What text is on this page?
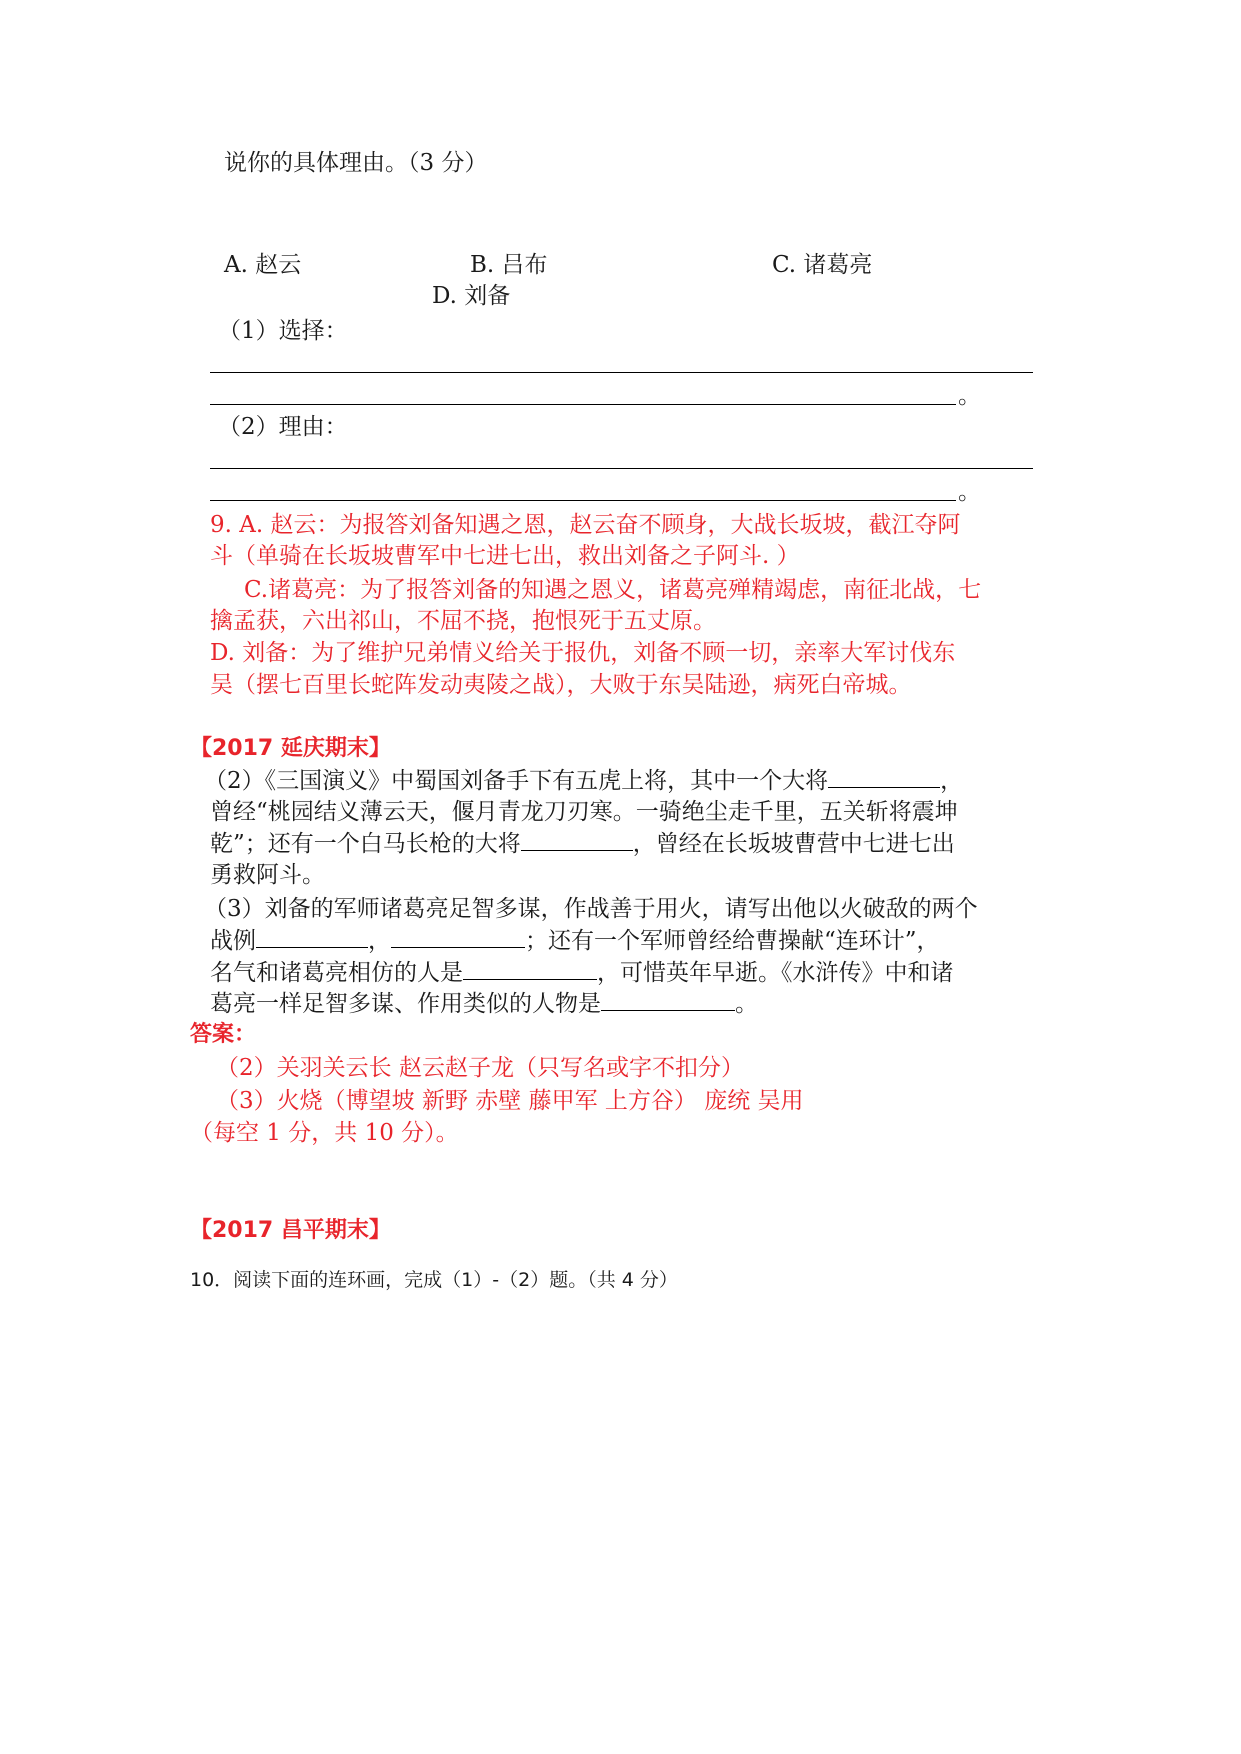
说你的具体理由。（3 分）
A. 赵云	B. 吕布	C. 诸葛亮
D. 刘备
（1）选择：
。
（2）理由：
。
9. A. 赵云：为报答刘备知遇之恩，赵云奋不顾身，大战长坂坡，截江夺阿
斗（单骑在长坂坡曹军中七进七出，救出刘备之子阿斗. ）
C.诸葛亮：为了报答刘备的知遇之恩义，诸葛亮殚精竭虑，南征北战，七
擒孟获，六出祁山，不屈不挠，抱恨死于五丈原。
D. 刘备：为了维护兄弟情义给关于报仇，刘备不顾一切，亲率大军讨伐东
吴（摆七百里长蛇阵发动夷陵之战），大败于东吴陆逊，病死白帝城。
【2017 延庆期末】
（2）《三国演义》中蜀国刘备手下有五虎上将，其中一个大将	，
曾经“桃园结义薄云天，偃月青龙刀刃寒。一骑绝尘走千里，五关斩将震坤
乾”；还有一个白马长枪的大将	，曾经在长坂坡曹营中七进七出
勇救阿斗。
（3）刘备的军师诸葛亮足智多谋，作战善于用火，请写出他以火破敌的两个
战例	，	；还有一个军师曾经给曹操献“连环计”，
名气和诸葛亮相仿的人是	，可惜英年早逝。《水浒传》中和诸
葛亮一样足智多谋、作用类似的人物是	。
答案：
（2）关羽关云长 赵云赵子龙（只写名或字不扣分）
（3）火烧（博望坡 新野 赤壁 藤甲军 上方谷） 庞统 吴用
（每空 1 分，共 10 分）。
【2017 昌平期末】
10．阅读下面的连环画，完成（1）-（2）题。（共 4 分）
